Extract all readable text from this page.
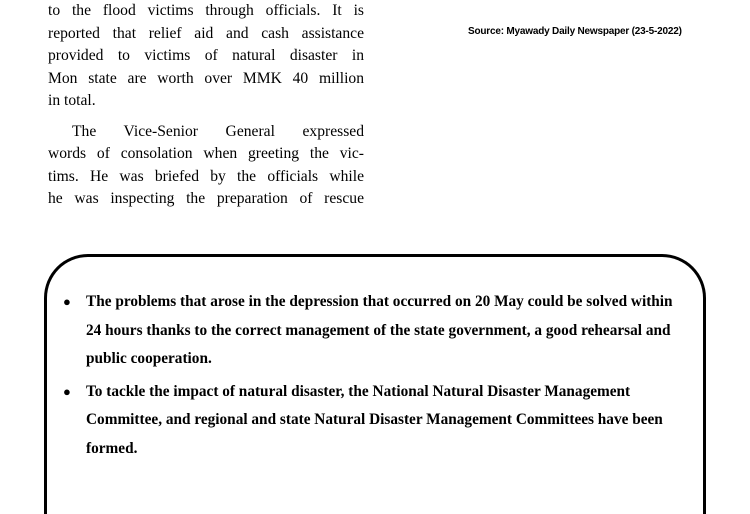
to the flood victims through officials. It is
reported that relief aid and cash assistance
provided to victims of natural disaster in
Mon state are worth over MMK 40 million
in total.

The Vice-Senior General expressed
words of consolation when greeting the vic-
tims. He was briefed by the officials while
he was inspecting the preparation of rescue

Source: Myawady Daily Newspaper (23-5-2022)
● The problems that arose in the depression that occurred on 20 May could be solved within 24 hours thanks to the correct management of the state government, a good rehearsal and public cooperation.
● To tackle the impact of natural disaster, the National Natural Disaster Management Committee, and regional and state Natural Disaster Management Committees have been formed.
